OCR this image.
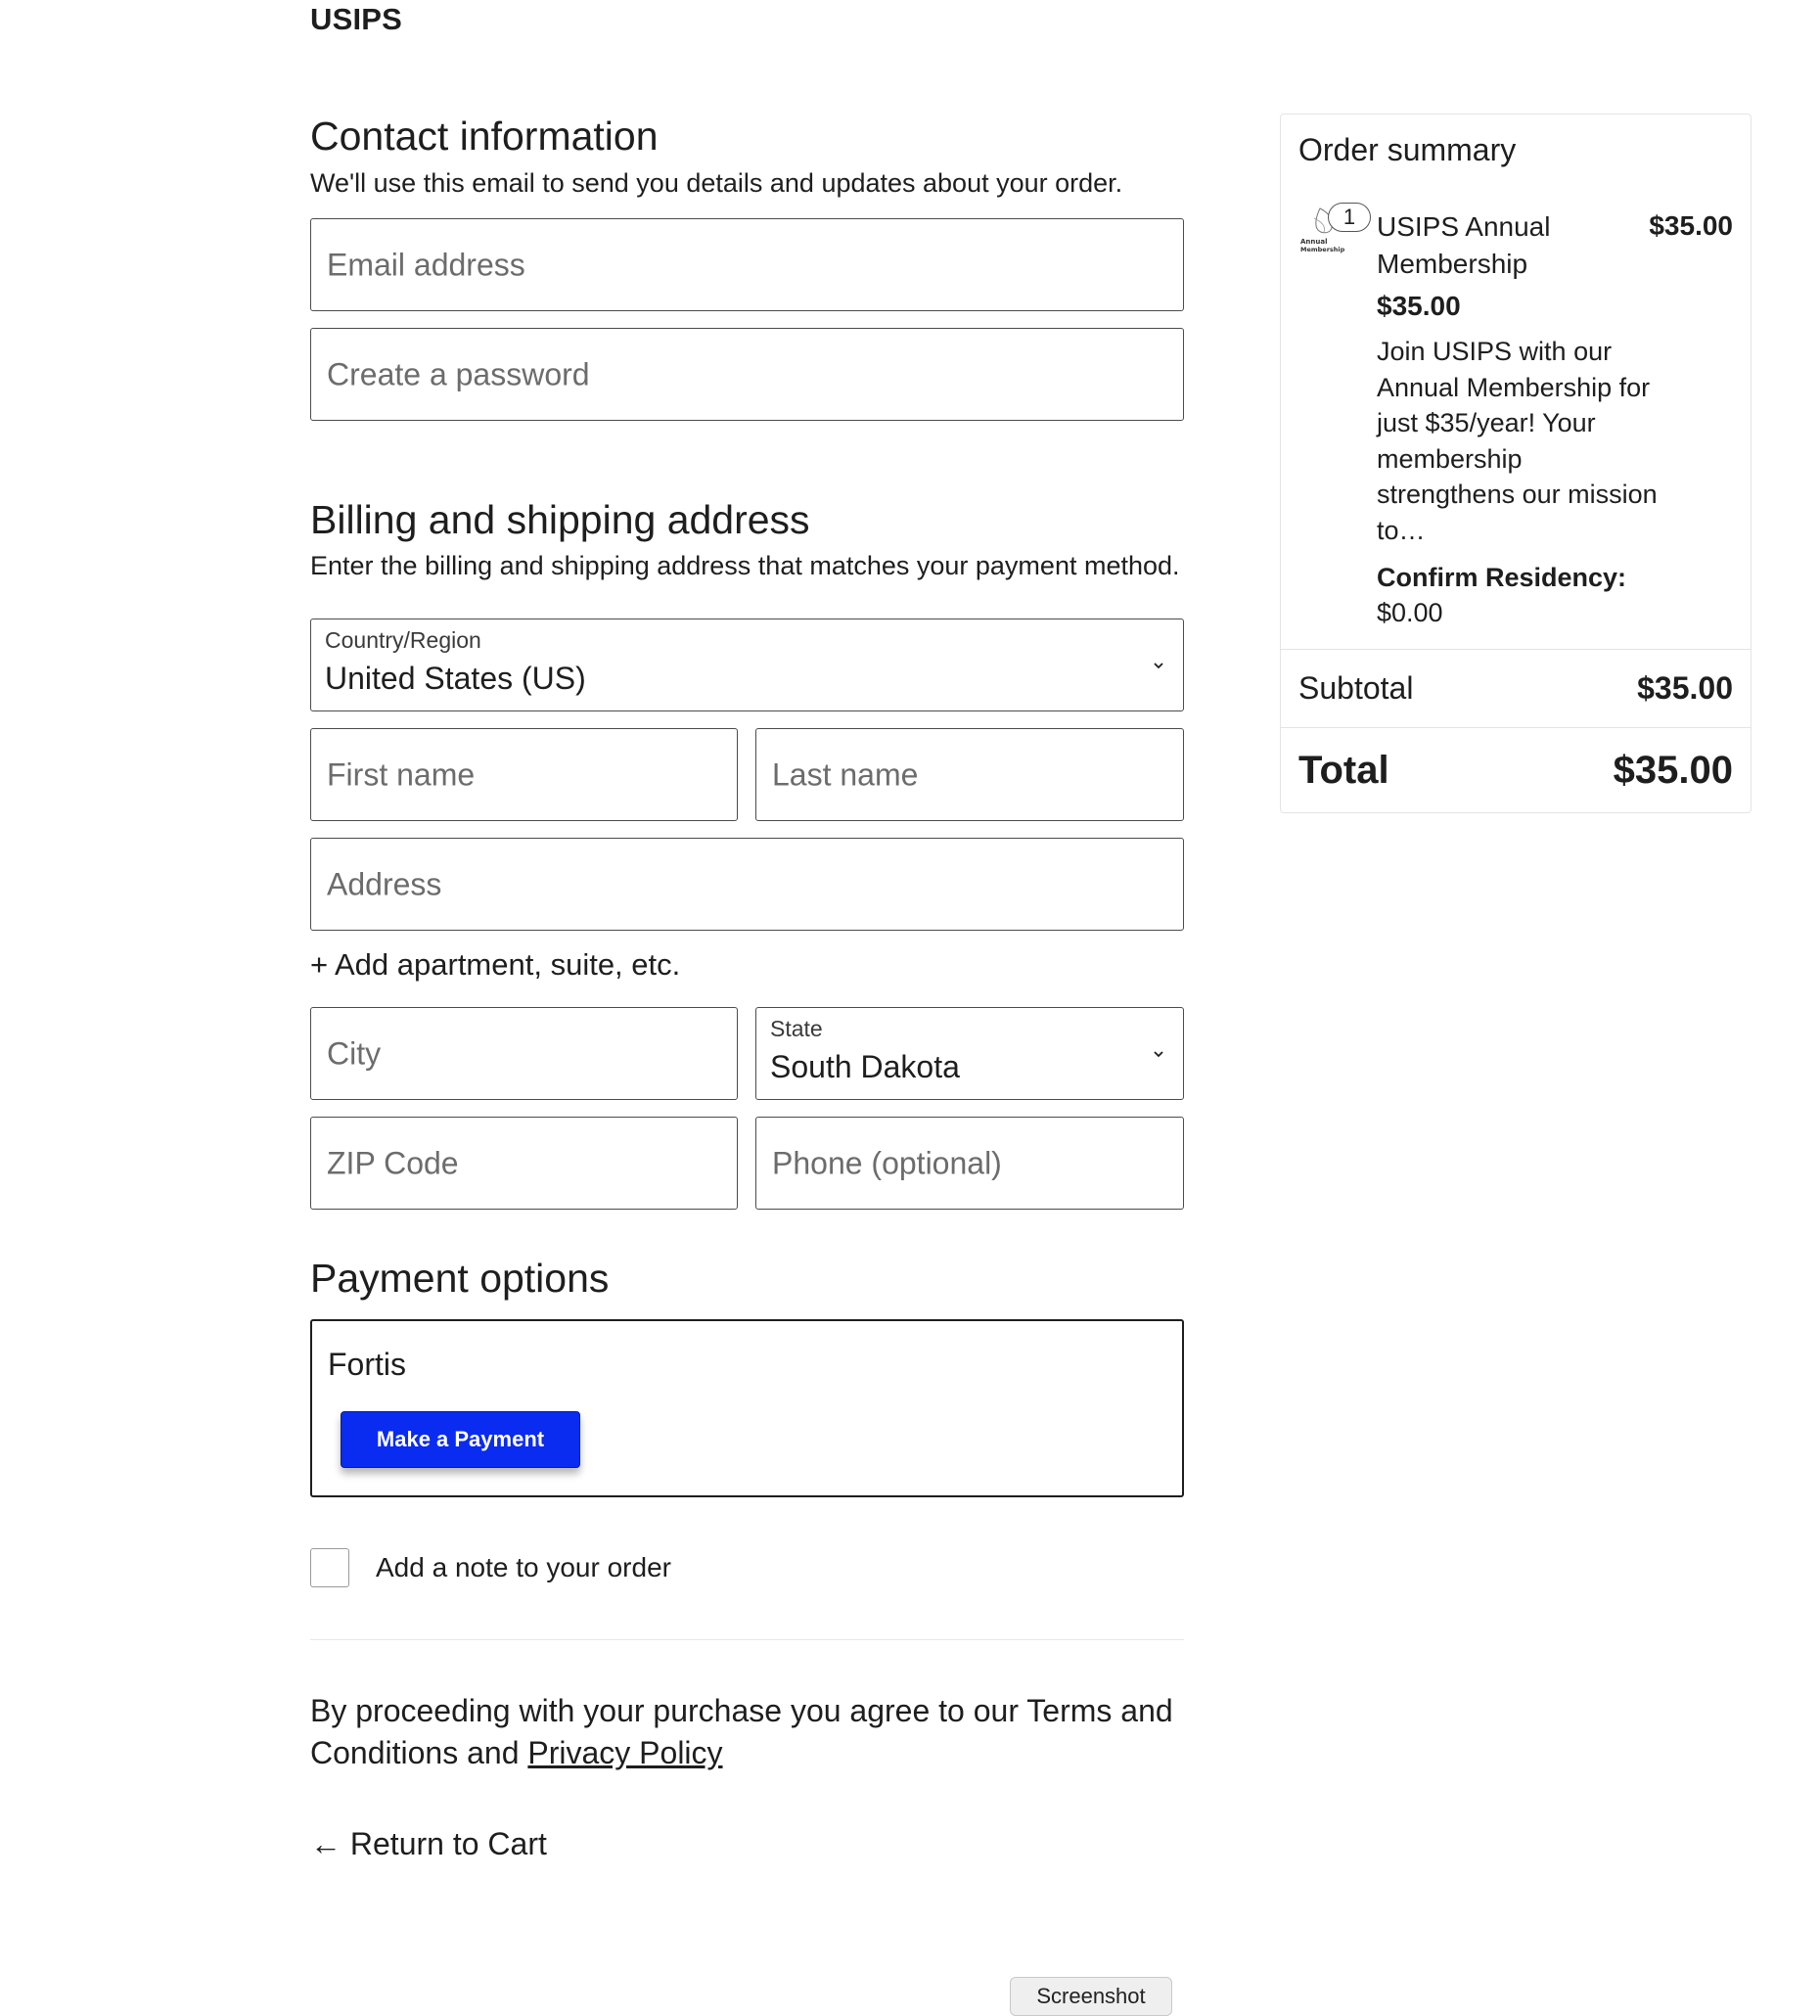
USIPS
Contact information
We'll use this email to send you details and updates about your order.
Email address
Create a password
Billing and shipping address
Enter the billing and shipping address that matches your payment method.
Country/Region
United States (US)
First name	Last name
Address
+ Add apartment, suite, etc.
City
State
South Dakota
ZIP Code	Phone (optional)
Payment options
Fortis
Make a Payment
Add a note to your order
By proceeding with your purchase you agree to our Terms and Conditions and Privacy Policy
← Return to Cart
Screenshot
Order summary
Annual
Membership
1 USIPS Annual Membership
$35.00
$35.00
Join USIPS with our Annual Membership for just $35/year! Your membership strengthens our mission to…
Confirm Residency:
$0.00
Subtotal	$35.00
Total	$35.00
